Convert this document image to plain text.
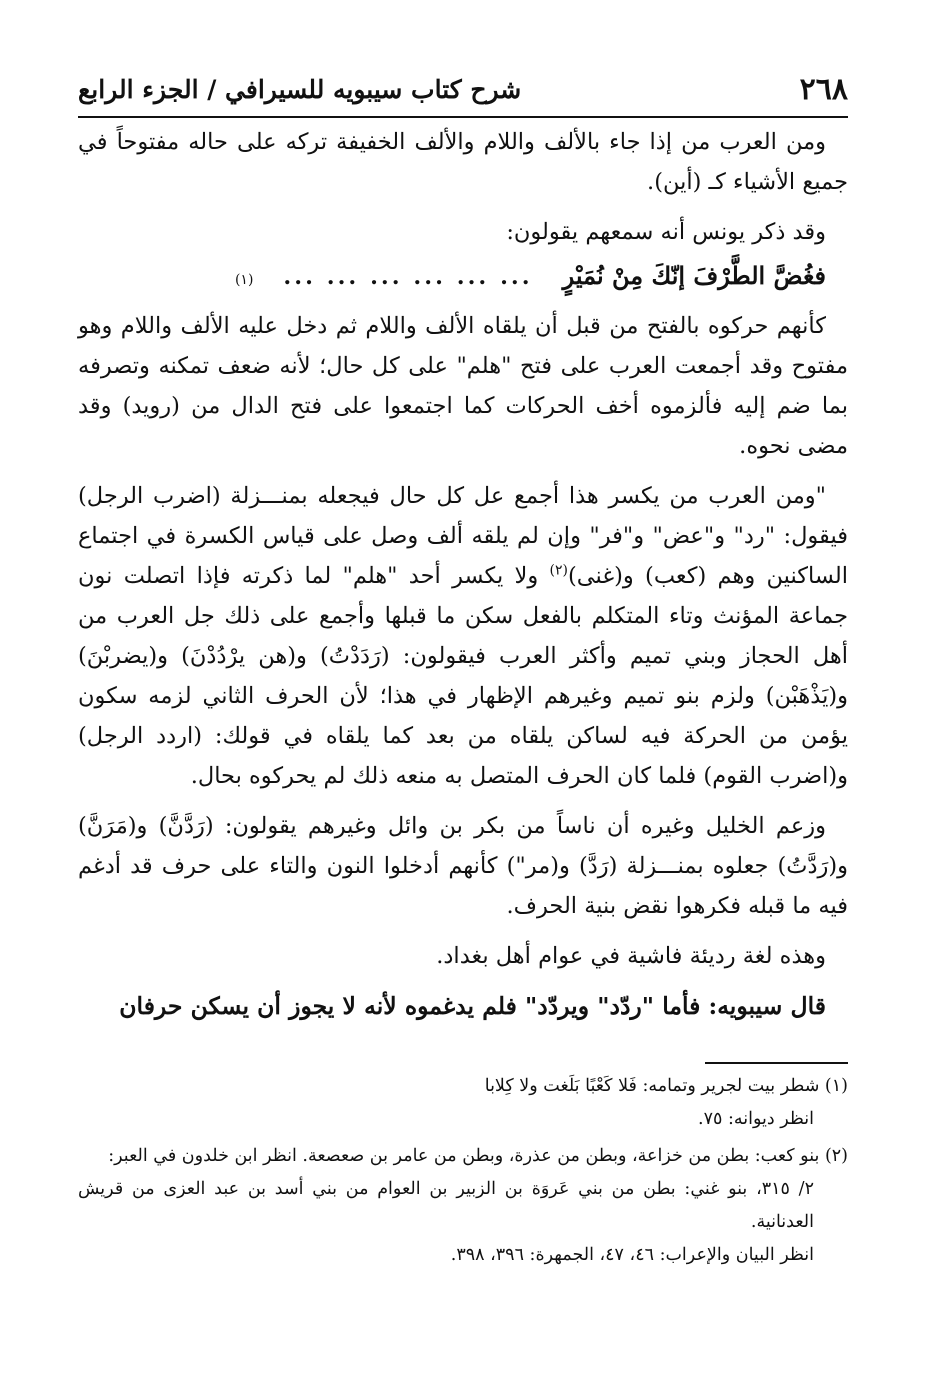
٢٦٨
شرح كتاب سيبويه للسيرافي / الجزء الرابع

ومن العرب من إذا جاء بالألف واللام والألف الخفيفة تركه على حاله مفتوحاً في جميع الأشياء كـ (أين).

وقد ذكر يونس أنه سمعهم يقولون:

فغُضَّ الطَّرْفَ إنّكَ مِنْ نُمَيْرٍ
... ... ... ... ... ...
(١)

كأنهم حركوه بالفتح من قبل أن يلقاه الألف واللام ثم دخل عليه الألف واللام وهو مفتوح وقد أجمعت العرب على فتح "هلم" على كل حال؛ لأنه ضعف تمكنه وتصرفه بما ضم إليه فألزموه أخف الحركات كما اجتمعوا على فتح الدال من (رويد) وقد مضى نحوه.

"ومن العرب من يكسر هذا أجمع عل كل حال فيجعله بمنـــزلة (اضرب الرجل) فيقول: "رد" و"عض" و"فر" وإن لم يلقه ألف وصل على قياس الكسرة في اجتماع الساكنين وهم (كعب) و(غنى)$^{(٢)}$ ولا يكسر أحد "هلم" لما ذكرته فإذا اتصلت نون جماعة المؤنث وتاء المتكلم بالفعل سكن ما قبلها وأجمع على ذلك جل العرب من أهل الحجاز وبني تميم وأكثر العرب فيقولون: (رَدَدْتُ) و(هن يرْدُدْنَ) و(يضربْنَ) و(يَذْهَبْن) ولزم بنو تميم وغيرهم الإظهار في هذا؛ لأن الحرف الثاني لزمه سكون يؤمن من الحركة فيه لساكن يلقاه من بعد كما يلقاه في قولك: (اردد الرجل) و(اضرب القوم) فلما كان الحرف المتصل به منعه ذلك لم يحركوه بحال.

وزعم الخليل وغيره أن ناساً من بكر بن وائل وغيرهم يقولون: (رَدَّنَّ) و(مَرَنَّ) و(رَدَّتُ) جعلوه بمنـــزلة (رَدَّ) و(مر") كأنهم أدخلوا النون والتاء على حرف قد أدغم فيه ما قبله فكرهوا نقض بنية الحرف.

وهذه لغة رديئة فاشية في عوام أهل بغداد.

قال سيبويه: فأما "ردّد" ويردّد" فلم يدغموه لأنه لا يجوز أن يسكن حرفان

(١) شطر بيت لجرير وتمامه: فَلا كَعْبًا بَلَغت ولا كِلابا

انظر ديوانه: ٧٥.

(٢) بنو كعب: بطن من خزاعة، وبطن من عذرة، وبطن من عامر بن صعصعة. انظر ابن خلدون في العبر:

٢/ ٣١٥، بنو غني: بطن من بني عَروَة بن الزبير بن العوام من بني أسد بن عبد العزى من قريش العدنانية.

انظر البيان والإعراب: ٤٦، ٤٧، الجمهرة: ٣٩٦، ٣٩٨.
